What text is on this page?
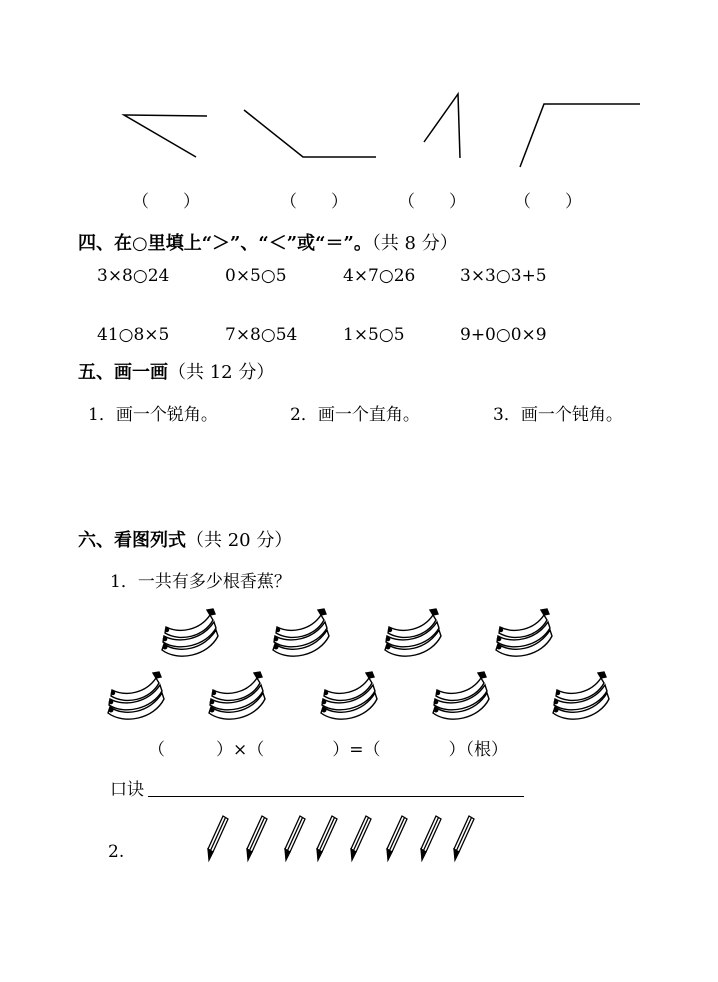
（　　）	（　　）	（　　）	（　　）
四、在○里填上“＞”、“＜”或“＝”。（共 8 分）
3×8○24	0×5○5	4×7○26	3×3○3+5
41○8×5	7×8○54	1×5○5	9+0○0×9
五、画一画（共 12 分）
1．画一个锐角。	2．画一个直角。	3．画一个钝角。
六、看图列式（共 20 分）
1．一共有多少根香蕉？
（　　　）×（　　　　）=（　　　　）（根）
口诀
2.
